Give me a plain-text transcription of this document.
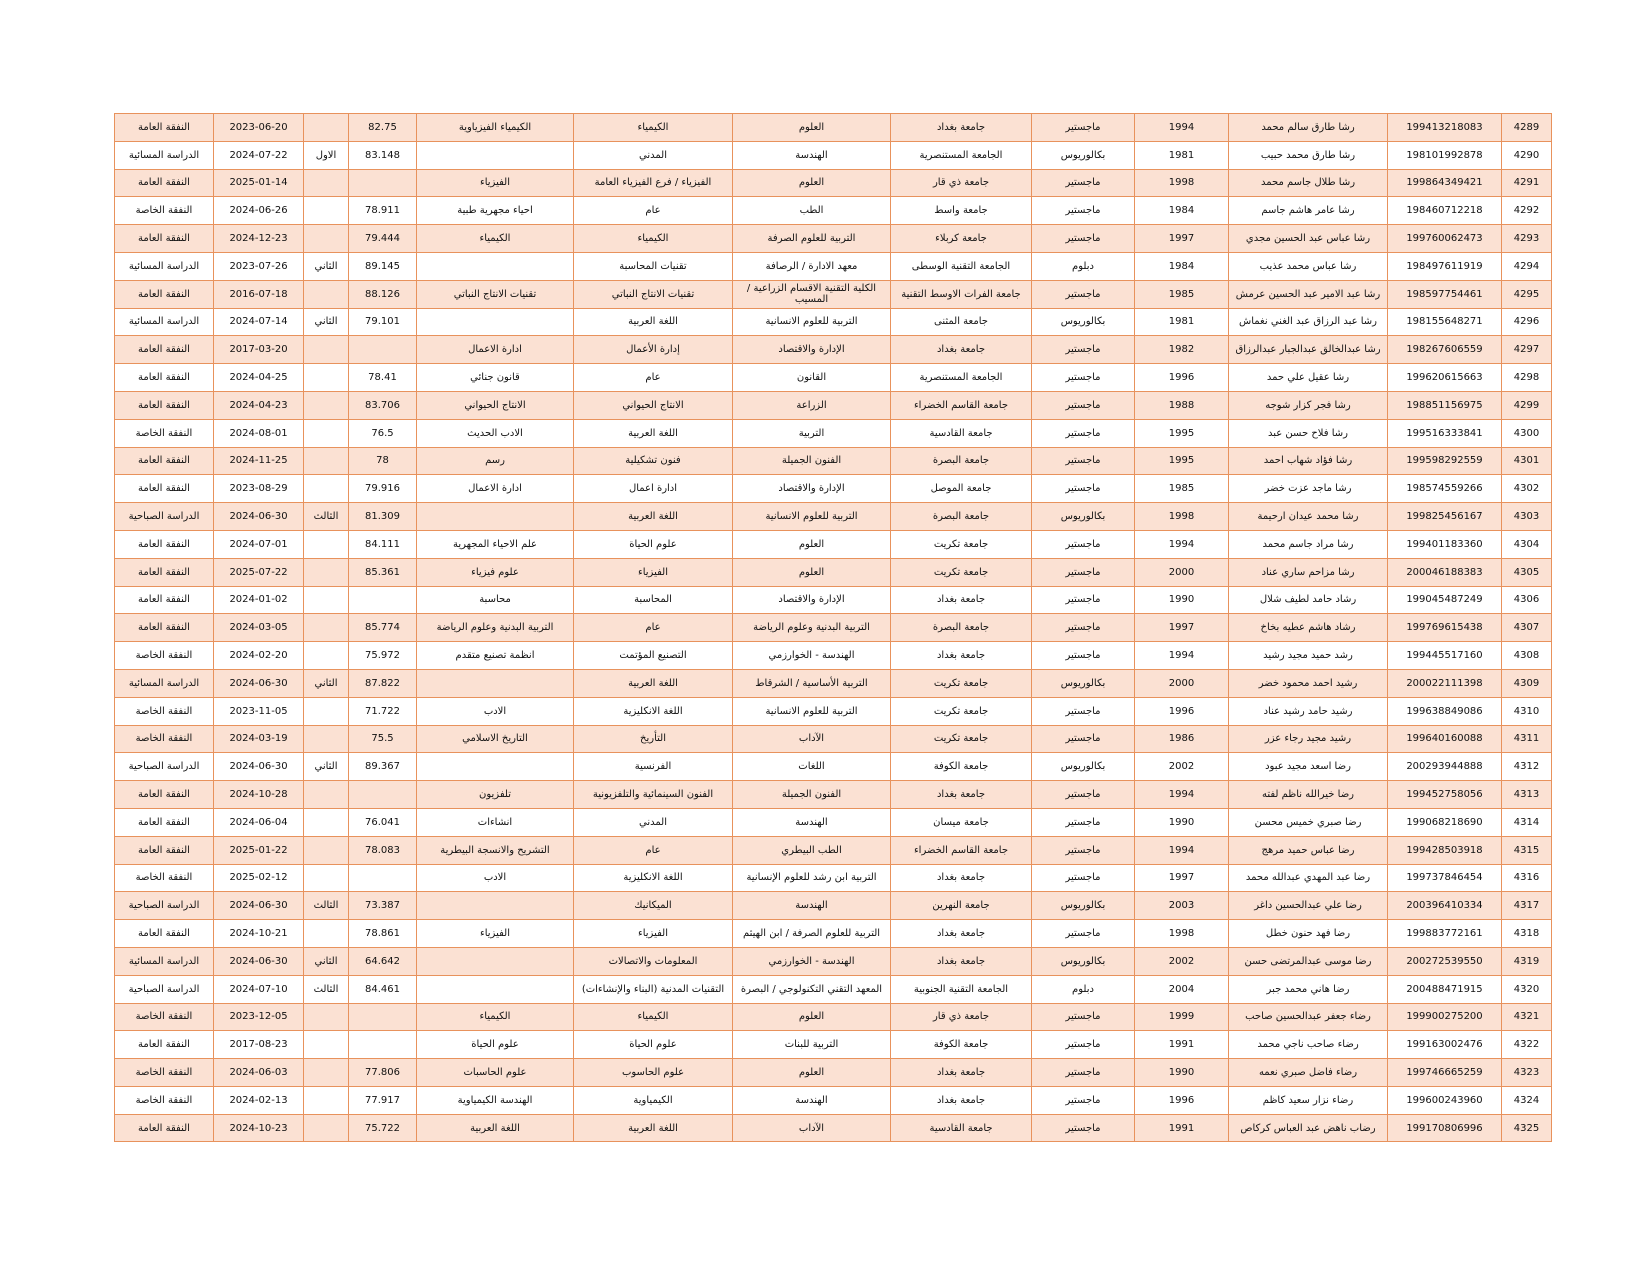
4289	199413218083	رشا طارق سالم محمد	1994	ماجستير	جامعة بغداد	العلوم	الكيمياء	الكيمياء الفيزياوية	82.75		2023-06-20	النفقة العامة
4290	198101992878	رشا طارق محمد حبيب	1981	بكالوريوس	الجامعة المستنصرية	الهندسة	المدني		83.148	الاول	2024-07-22	الدراسة المسائية
4291	199864349421	رشا طلال جاسم محمد	1998	ماجستير	جامعة ذي قار	العلوم	الفيزياء / فرع الفيزياء العامة	الفيزياء			2025-01-14	النفقة العامة
4292	198460712218	رشا عامر هاشم جاسم	1984	ماجستير	جامعة واسط	الطب	عام	احياء مجهرية طبية	78.911		2024-06-26	النفقة الخاصة
4293	199760062473	رشا عباس عبد الحسين مجدي	1997	ماجستير	جامعة كربلاء	التربية للعلوم الصرفة	الكيمياء	الكيمياء	79.444		2024-12-23	النفقة العامة
4294	198497611919	رشا عباس محمد عذيب	1984	دبلوم	الجامعة التقنية الوسطى	معهد الادارة / الرصافة	تقنيات المحاسبة		89.145	الثاني	2023-07-26	الدراسة المسائية
4295	198597754461	رشا عبد الامير عبد الحسين عرمش	1985	ماجستير	جامعة الفرات الاوسط التقنية	الكلية التقنية الاقسام الزراعية / المسيب	تقنيات الانتاج النباتي	تقنيات الانتاج النباتي	88.126		2016-07-18	النفقة العامة
4296	198155648271	رشا عبد الرزاق عبد الغني نغماش	1981	بكالوريوس	جامعة المثنى	التربية للعلوم الانسانية	اللغة العربية		79.101	الثاني	2024-07-14	الدراسة المسائية
4297	198267606559	رشا عبدالخالق عبدالجبار عبدالرزاق	1982	ماجستير	جامعة بغداد	الإدارة والاقتصاد	إدارة الأعمال	ادارة الاعمال			2017-03-20	النفقة العامة
4298	199620615663	رشا عقيل علي حمد	1996	ماجستير	الجامعة المستنصرية	القانون	عام	قانون جنائي	78.41		2024-04-25	النفقة العامة
4299	198851156975	رشا فجر كزار شوجه	1988	ماجستير	جامعة القاسم الخضراء	الزراعة	الانتاج الحيواني	الانتاج الحيواني	83.706		2024-04-23	النفقة العامة
4300	199516333841	رشا فلاح حسن عبد	1995	ماجستير	جامعة القادسية	التربية	اللغة العربية	الادب الحديث	76.5		2024-08-01	النفقة الخاصة
4301	199598292559	رشا فؤاد شهاب احمد	1995	ماجستير	جامعة البصرة	الفنون الجميلة	فنون تشكيلية	رسم	78		2024-11-25	النفقة العامة
4302	198574559266	رشا ماجد عزت خضر	1985	ماجستير	جامعة الموصل	الإدارة والاقتصاد	ادارة اعمال	ادارة الاعمال	79.916		2023-08-29	النفقة العامة
4303	199825456167	رشا محمد عيدان ارحيمة	1998	بكالوريوس	جامعة البصرة	التربية للعلوم الانسانية	اللغة العربية		81.309	الثالث	2024-06-30	الدراسة الصباحية
4304	199401183360	رشا مراد جاسم محمد	1994	ماجستير	جامعة تكريت	العلوم	علوم الحياة	علم الاحياء المجهرية	84.111		2024-07-01	النفقة العامة
4305	200046188383	رشا مزاحم ساري عناد	2000	ماجستير	جامعة تكريت	العلوم	الفيزياء	علوم فيزياء	85.361		2025-07-22	النفقة العامة
4306	199045487249	رشاد حامد لطيف شلال	1990	ماجستير	جامعة بغداد	الإدارة والاقتصاد	المحاسبة	محاسبة			2024-01-02	النفقة العامة
4307	199769615438	رشاد هاشم عطيه بخاخ	1997	ماجستير	جامعة البصرة	التربية البدنية وعلوم الرياضة	عام	التربية البدنية وعلوم الرياضة	85.774		2024-03-05	النفقة العامة
4308	199445517160	رشد حميد مجيد رشيد	1994	ماجستير	جامعة بغداد	الهندسة - الخوارزمي	التصنيع المؤتمت	انظمة تصنيع متقدم	75.972		2024-02-20	النفقة الخاصة
4309	200022111398	رشيد احمد محمود خضر	2000	بكالوريوس	جامعة تكريت	التربية الأساسية / الشرقاط	اللغة العربية		87.822	الثاني	2024-06-30	الدراسة المسائية
4310	199638849086	رشيد حامد رشيد عناد	1996	ماجستير	جامعة تكريت	التربية للعلوم الانسانية	اللغة الانكليزية	الادب	71.722		2023-11-05	النفقة الخاصة
4311	199640160088	رشيد مجيد رجاء عزر	1986	ماجستير	جامعة تكريت	الآداب	التأريخ	التاريخ الاسلامي	75.5		2024-03-19	النفقة الخاصة
4312	200293944888	رضا اسعد مجيد عبود	2002	بكالوريوس	جامعة الكوفة	اللغات	الفرنسية		89.367	الثاني	2024-06-30	الدراسة الصباحية
4313	199452758056	رضا خيرالله ناظم لفته	1994	ماجستير	جامعة بغداد	الفنون الجميلة	الفنون السينمائية والتلفزيونية	تلفزيون			2024-10-28	النفقة العامة
4314	199068218690	رضا صبري خميس محسن	1990	ماجستير	جامعة ميسان	الهندسة	المدني	انشاءات	76.041		2024-06-04	النفقة العامة
4315	199428503918	رضا عباس حميد مرهج	1994	ماجستير	جامعة القاسم الخضراء	الطب البيطري	عام	التشريح والانسجة البيطرية	78.083		2025-01-22	النفقة العامة
4316	199737846454	رضا عبد المهدي عبدالله محمد	1997	ماجستير	جامعة بغداد	التربية ابن رشد للعلوم الإنسانية	اللغة الانكليزية	الادب			2025-02-12	النفقة الخاصة
4317	200396410334	رضا علي عبدالحسين داغر	2003	بكالوريوس	جامعة النهرين	الهندسة	الميكانيك		73.387	الثالث	2024-06-30	الدراسة الصباحية
4318	199883772161	رضا فهد حنون خطل	1998	ماجستير	جامعة بغداد	التربية للعلوم الصرفة / ابن الهيثم	الفيزياء	الفيزياء	78.861		2024-10-21	النفقة العامة
4319	200272539550	رضا موسى عبدالمرتضى حسن	2002	بكالوريوس	جامعة بغداد	الهندسة - الخوارزمي	المعلومات والاتصالات		64.642	الثاني	2024-06-30	الدراسة المسائية
4320	200488471915	رضا هاني محمد جبر	2004	دبلوم	الجامعة التقنية الجنوبية	المعهد التقني التكنولوجي / البصرة	التقنيات المدنية (البناء والإنشاءات)		84.461	الثالث	2024-07-10	الدراسة الصباحية
4321	199900275200	رضاء جعفر عبدالحسين صاحب	1999	ماجستير	جامعة ذي قار	العلوم	الكيمياء	الكيمياء			2023-12-05	النفقة الخاصة
4322	199163002476	رضاء صاحب ناجي محمد	1991	ماجستير	جامعة الكوفة	التربية للبنات	علوم الحياة	علوم الحياة			2017-08-23	النفقة العامة
4323	199746665259	رضاء فاضل صبري نعمه	1990	ماجستير	جامعة بغداد	العلوم	علوم الحاسوب	علوم الحاسبات	77.806		2024-06-03	النفقة الخاصة
4324	199600243960	رضاء نزار سعيد كاظم	1996	ماجستير	جامعة بغداد	الهندسة	الكيمياوية	الهندسة الكيمياوية	77.917		2024-02-13	النفقة الخاصة
4325	199170806996	رضاب ناهض عبد العباس كركاص	1991	ماجستير	جامعة القادسية	الآداب	اللغة العربية	اللغة العربية	75.722		2024-10-23	النفقة العامة
